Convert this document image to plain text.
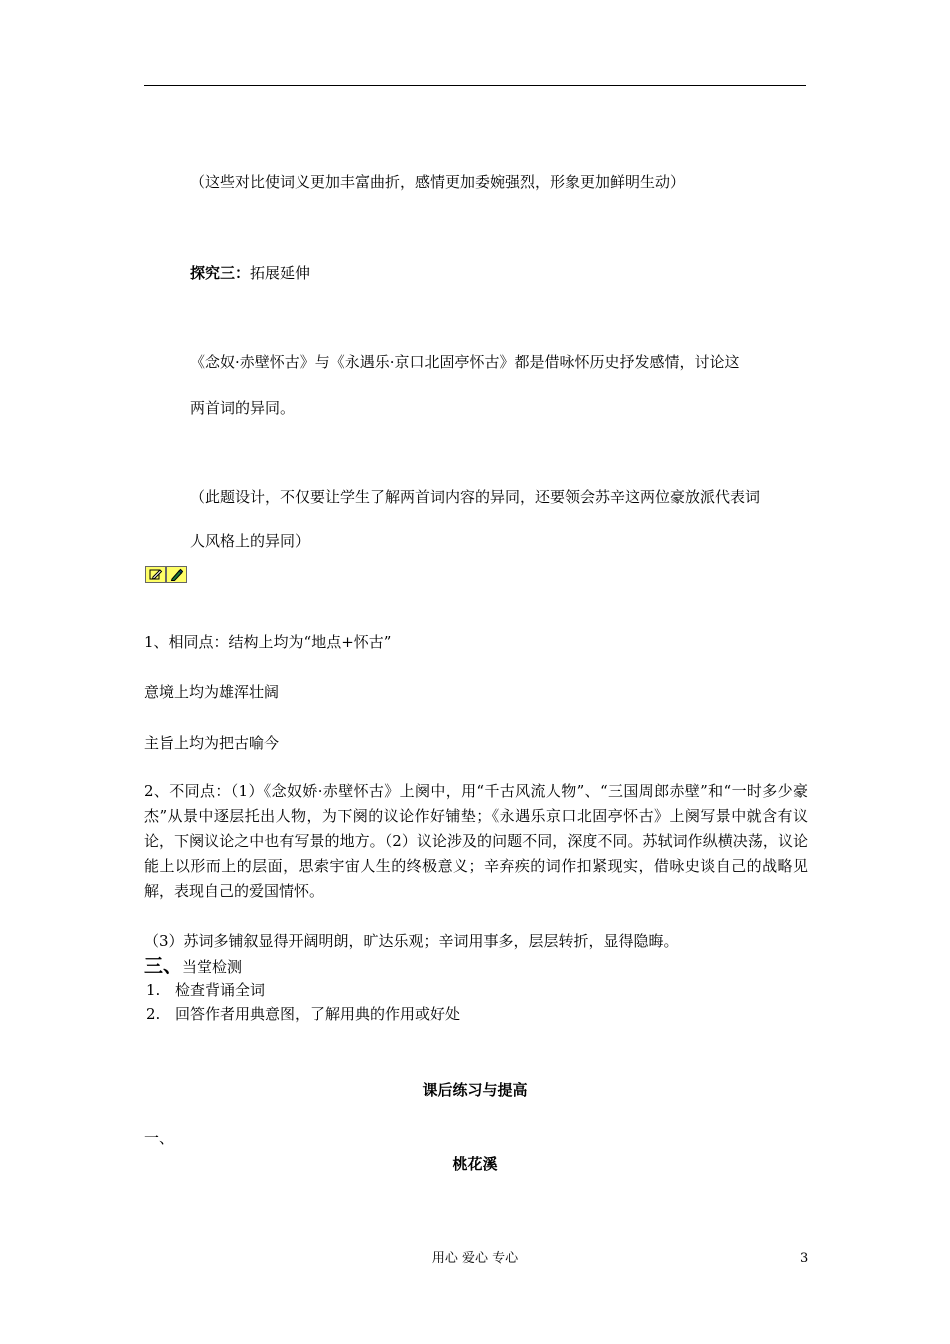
（这些对比使词义更加丰富曲折，感情更加委婉强烈，形象更加鲜明生动）
探究三：拓展延伸
《念奴·赤壁怀古》与《永遇乐·京口北固亭怀古》都是借咏怀历史抒发感情，讨论这
两首词的异同。
（此题设计，不仅要让学生了解两首词内容的异同，还要领会苏辛这两位豪放派代表词
人风格上的异同）
1、相同点：结构上均为“地点+怀古”
意境上均为雄浑壮阔
主旨上均为把古喻今
2、不同点：（1）《念奴娇·赤壁怀古》上阕中，用“千古风流人物”、“三国周郎赤壁”和“一时多少豪杰”从景中逐层托出人物，为下阕的议论作好铺垫；《永遇乐京口北固亭怀古》上阕写景中就含有议论，下阕议论之中也有写景的地方。（2）议论涉及的问题不同，深度不同。苏轼词作纵横决荡，议论能上以形而上的层面，思索宇宙人生的终极意义；辛弃疾的词作扣紧现实，借咏史谈自己的战略见解，表现自己的爱国情怀。
（3）苏词多铺叙显得开阔明朗，旷达乐观；辛词用事多，层层转折，显得隐晦。
三、当堂检测
1. 检查背诵全词
2. 回答作者用典意图，了解用典的作用或好处
课后练习与提高
一、
桃花溪
用心 爱心 专心	3
